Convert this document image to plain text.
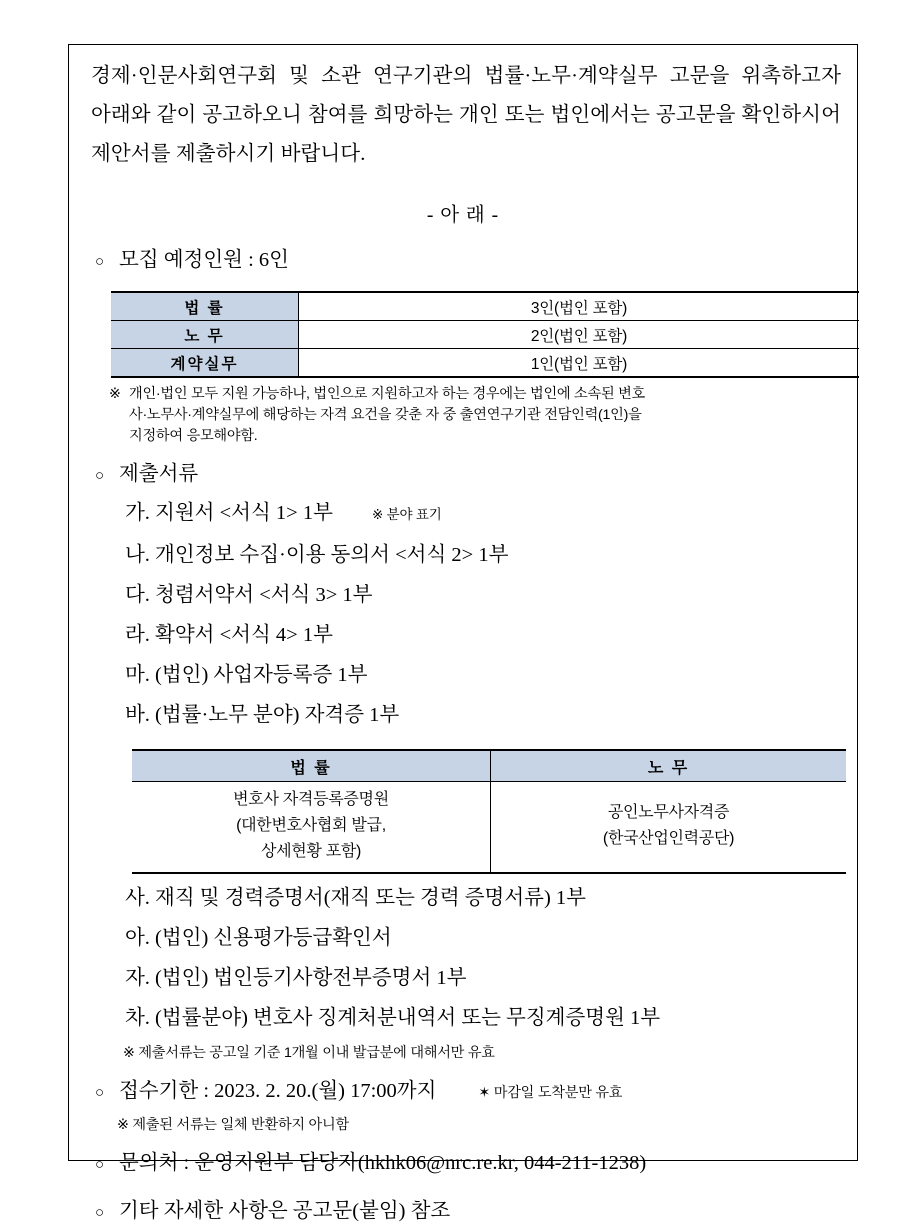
경제·인문사회연구회 및 소관 연구기관의 법률·노무·계약실무 고문을 위촉하고자 아래와 같이 공고하오니 참여를 희망하는 개인 또는 법인에서는 공고문을 확인하시어 제안서를 제출하시기 바랍니다.

- 아 래 -
○ 모집 예정인원 : 6인
법 률	3인(법인 포함)
노 무	2인(법인 포함)
계약실무	1인(법인 포함)
※ 개인·법인 모두 지원 가능하나, 법인으로 지원하고자 하는 경우에는 법인에 소속된 변호
사·노무사·계약실무에 해당하는 자격 요건을 갖춘 자 중 출연연구기관 전담인력(1인)을
지정하여 응모해야함.
○ 제출서류
가. 지원서 <서식 1> 1부	※ 분야 표기
나. 개인정보 수집·이용 동의서 <서식 2> 1부
다. 청렴서약서 <서식 3> 1부
라. 확약서 <서식 4> 1부
마. (법인) 사업자등록증 1부
바. (법률·노무 분야) 자격증 1부
법 률	노 무

변호사 자격등록증명원
(대한변호사협회 발급,
상세현황 포함)	공인노무사자격증
(한국산업인력공단)
사. 재직 및 경력증명서(재직 또는 경력 증명서류) 1부
아. (법인) 신용평가등급확인서
자. (법인) 법인등기사항전부증명서 1부
차. (법률분야) 변호사 징계처분내역서 또는 무징계증명원 1부
※ 제출서류는 공고일 기준 1개월 이내 발급분에 대해서만 유효
○ 접수기한 : 2023. 2. 20.(월) 17:00까지	✶ 마감일 도착분만 유효
※ 제출된 서류는 일체 반환하지 아니함
○ 문의처 : 운영지원부 담당자(hkhk06@nrc.re.kr, 044-211-1238)
○ 기타 자세한 사항은 공고문(붙임) 참조
